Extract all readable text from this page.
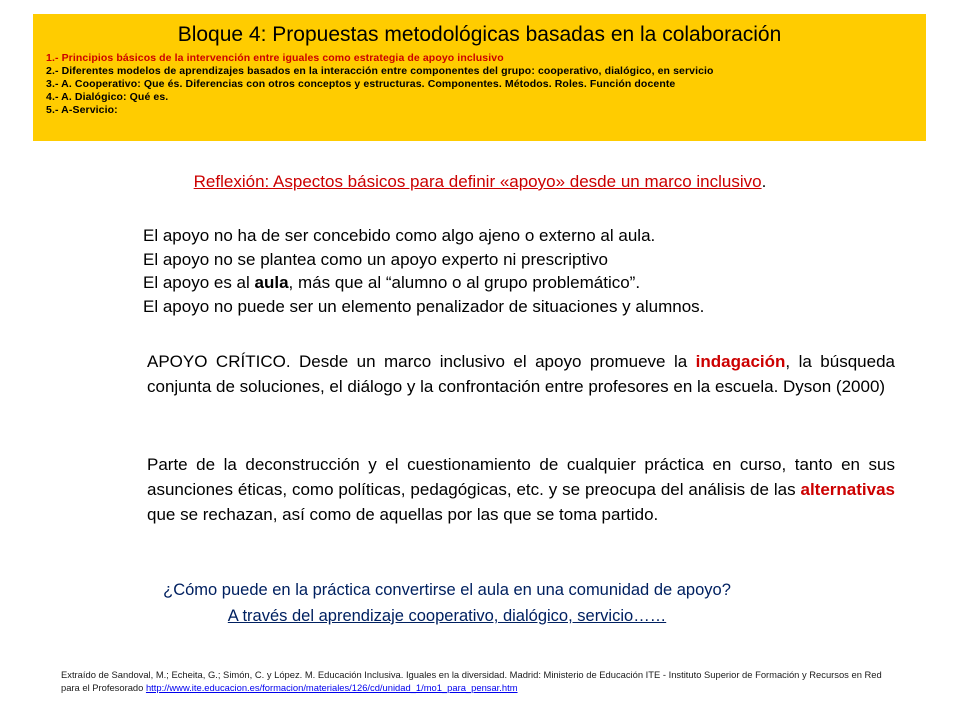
Bloque 4: Propuestas metodológicas basadas en la colaboración
1.- Principios básicos de la intervención entre iguales como estrategia de apoyo inclusivo
2.- Diferentes modelos de aprendizajes basados en la interacción entre componentes del grupo: cooperativo, dialógico, en servicio
3.- A. Cooperativo: Que és. Diferencias con otros conceptos y estructuras. Componentes. Métodos. Roles. Función docente
4.- A. Dialógico: Qué es.
5.- A-Servicio:
Reflexión: Aspectos básicos para definir «apoyo» desde un marco inclusivo.
El apoyo no ha de ser concebido como algo ajeno o externo al aula.
El apoyo no se plantea como un apoyo experto ni prescriptivo
El apoyo es al aula, más que al “alumno o al grupo problemático”.
El apoyo no puede ser un elemento penalizador de situaciones y alumnos.
APOYO CRÍTICO. Desde un marco inclusivo el apoyo promueve la indagación, la búsqueda conjunta de soluciones, el diálogo y la confrontación entre profesores en la escuela. Dyson (2000)
Parte de la deconstrucción y el cuestionamiento de cualquier práctica en curso, tanto en sus asunciones éticas, como políticas, pedagógicas, etc. y se preocupa del análisis de las alternativas que se rechazan, así como de aquellas por las que se toma partido.
¿Cómo puede en la práctica convertirse el aula en una comunidad de apoyo?
A través del aprendizaje cooperativo, dialógico, servicio……
Extraído de Sandoval, M.; Echeita, G.; Simón, C. y López. M. Educación Inclusiva. Iguales en la diversidad. Madrid: Ministerio de Educación ITE - Instituto Superior de Formación y Recursos en Red para el Profesorado http://www.ite.educacion.es/formacion/materiales/126/cd/unidad_1/mo1_para_pensar.htm
